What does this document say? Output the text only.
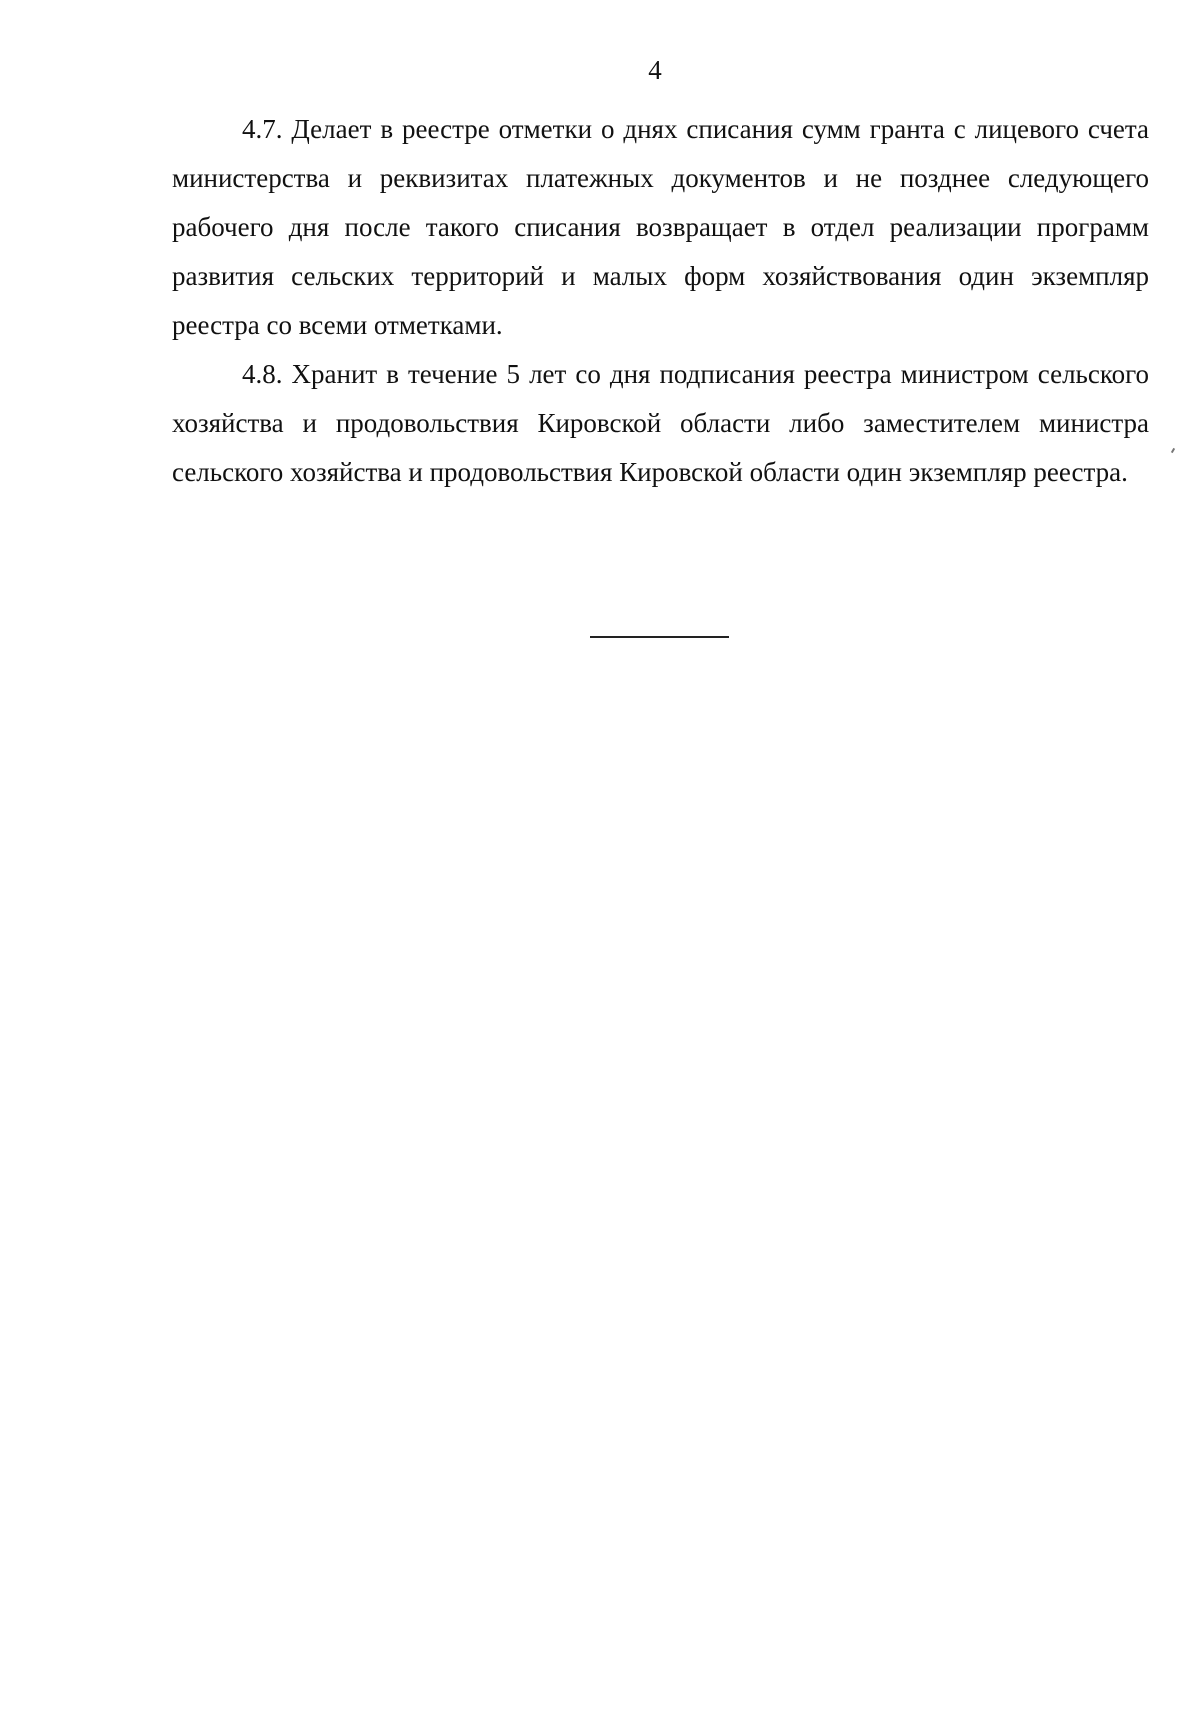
4

4.7. Делает в реестре отметки о днях списания сумм гранта с лицевого счета министерства и реквизитах платежных документов и не позднее следующего рабочего дня после такого списания возвращает в отдел реализации программ развития сельских территорий и малых форм хозяйствования один экземпляр реестра со всеми отметками.

4.8. Хранит в течение 5 лет со дня подписания реестра министром сельского хозяйства и продовольствия Кировской области либо заместителем министра сельского хозяйства и продовольствия Кировской области один экземпляр реестра.
